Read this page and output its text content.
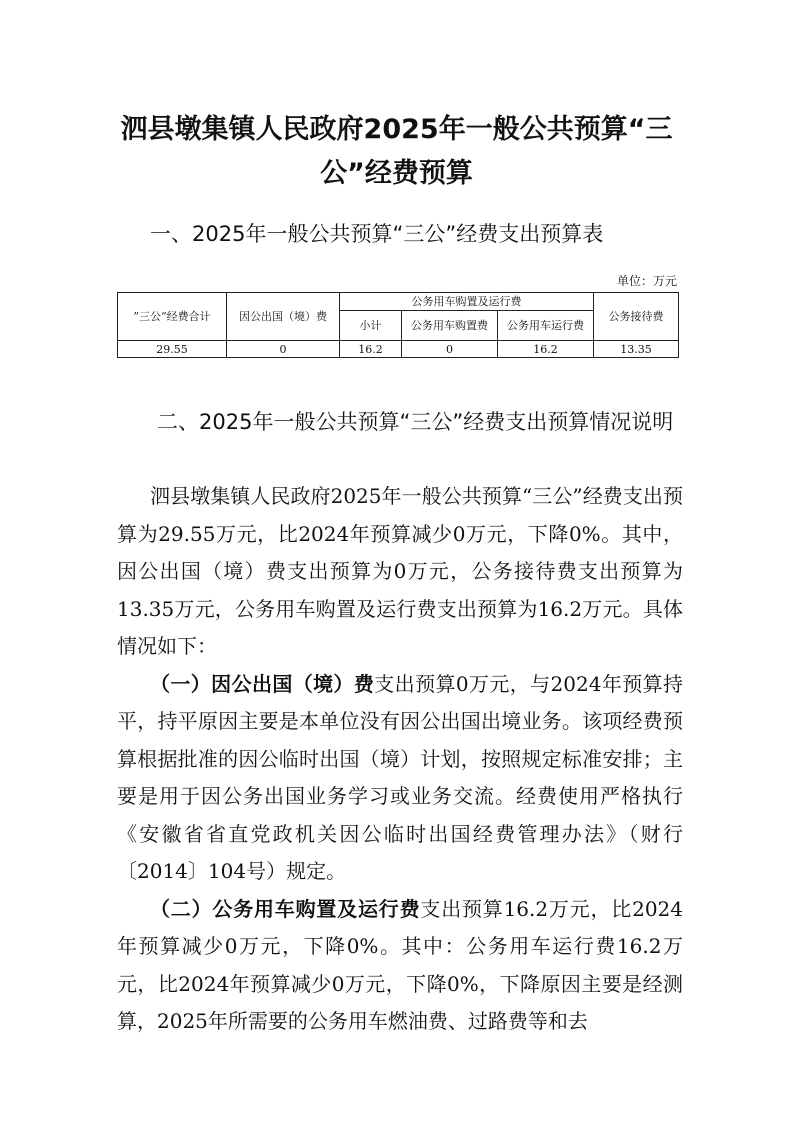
泗县墩集镇人民政府2025年一般公共预算“三公”经费预算
一、2025年一般公共预算“三公”经费支出预算表
单位：万元
”三公“经费合计	因公出国（境）费	公务用车购置及运行费			公务接待费
		小计	公务用车购置费	公务用车运行费	
29.55	0	16.2	0	16.2	13.35
二、2025年一般公共预算“三公”经费支出预算情况说明

泗县墩集镇人民政府2025年一般公共预算“三公”经费支出预算为29.55万元，比2024年预算减少0万元，下降0%。其中，因公出国（境）费支出预算为0万元，公务接待费支出预算为13.35万元，公务用车购置及运行费支出预算为16.2万元。具体情况如下：

（一）因公出国（境）费支出预算0万元，与2024年预算持平，持平原因主要是本单位没有因公出国出境业务。该项经费预算根据批准的因公临时出国（境）计划，按照规定标准安排；主要是用于因公务出国业务学习或业务交流。经费使用严格执行《安徽省省直党政机关因公临时出国经费管理办法》（财行〔2014〕104号）规定。

（二）公务用车购置及运行费支出预算16.2万元，比2024年预算减少0万元，下降0%。其中：公务用车运行费16.2万元，比2024年预算减少0万元，下降0%，下降原因主要是经测算，2025年所需要的公务用车燃油费、过路费等和去
